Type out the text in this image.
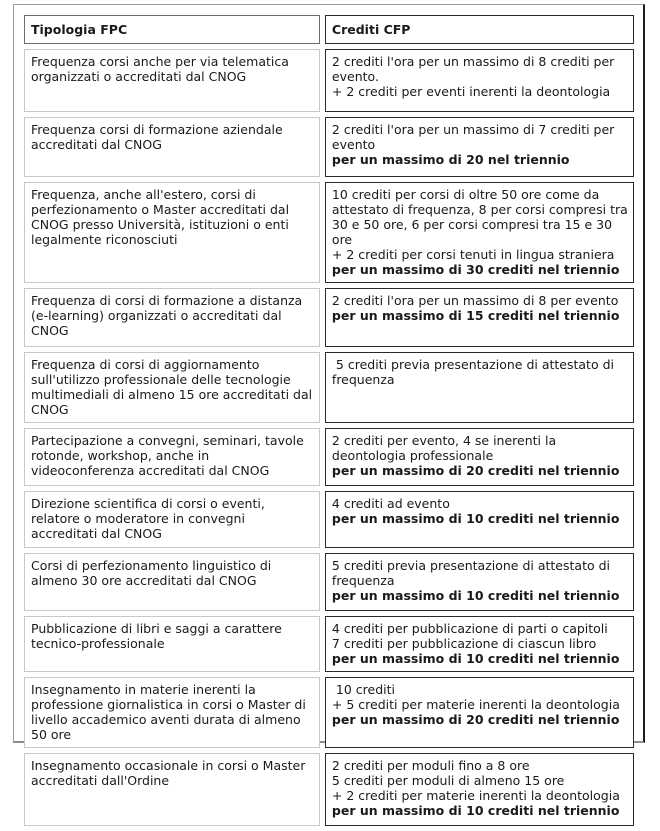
Tipologia FPC	Crediti CFP
Frequenza corsi anche per via telematica organizzati o accreditati dal CNOG	2 crediti l'ora per un massimo di 8 crediti per evento.
+ 2 crediti per eventi inerenti la deontologia

Frequenza corsi di formazione aziendale accreditati dal CNOG	2 crediti l'ora per un massimo di 7 crediti per evento
per un massimo di 20 nel triennio

Frequenza, anche all'estero, corsi di perfezionamento o Master accreditati dal CNOG presso Università, istituzioni o enti legalmente riconosciuti	10 crediti per corsi di oltre 50 ore come da attestato di frequenza, 8 per corsi compresi tra 30 e 50 ore, 6 per corsi compresi tra 15 e 30 ore
+ 2 crediti per corsi tenuti in lingua straniera
per un massimo di 30 crediti nel triennio

Frequenza di corsi di formazione a distanza (e-learning) organizzati o accreditati dal CNOG	2 crediti l'ora per un massimo di 8 per evento
per un massimo di 15 crediti nel triennio

Frequenza di corsi di aggiornamento sull'utilizzo professionale delle tecnologie multimediali di almeno 15 ore accreditati dal CNOG	5 crediti previa presentazione di attestato di frequenza

Partecipazione a convegni, seminari, tavole rotonde, workshop, anche in videoconferenza accreditati dal CNOG	2 crediti per evento, 4 se inerenti la deontologia professionale
per un massimo di 20 crediti nel triennio

Direzione scientifica di corsi o eventi, relatore o moderatore in convegni accreditati dal CNOG	4 crediti ad evento
per un massimo di 10 crediti nel triennio

Corsi di perfezionamento linguistico di almeno 30 ore accreditati dal CNOG	5 crediti previa presentazione di attestato di frequenza
per un massimo di 10 crediti nel triennio

Pubblicazione di libri e saggi a carattere tecnico-professionale	4 crediti per pubblicazione di parti o capitoli
7 crediti per pubblicazione di ciascun libro
per un massimo di 10 crediti nel triennio

Insegnamento in materie inerenti la professione giornalistica in corsi o Master di livello accademico aventi durata di almeno 50 ore	10 crediti
+ 5 crediti per materie inerenti la deontologia
per un massimo di 20 crediti nel triennio

Insegnamento occasionale in corsi o Master accreditati dall'Ordine	2 crediti per moduli fino a 8 ore
5 crediti per moduli di almeno 15 ore
+ 2 crediti per materie inerenti la deontologia
per un massimo di 10 crediti nel triennio
